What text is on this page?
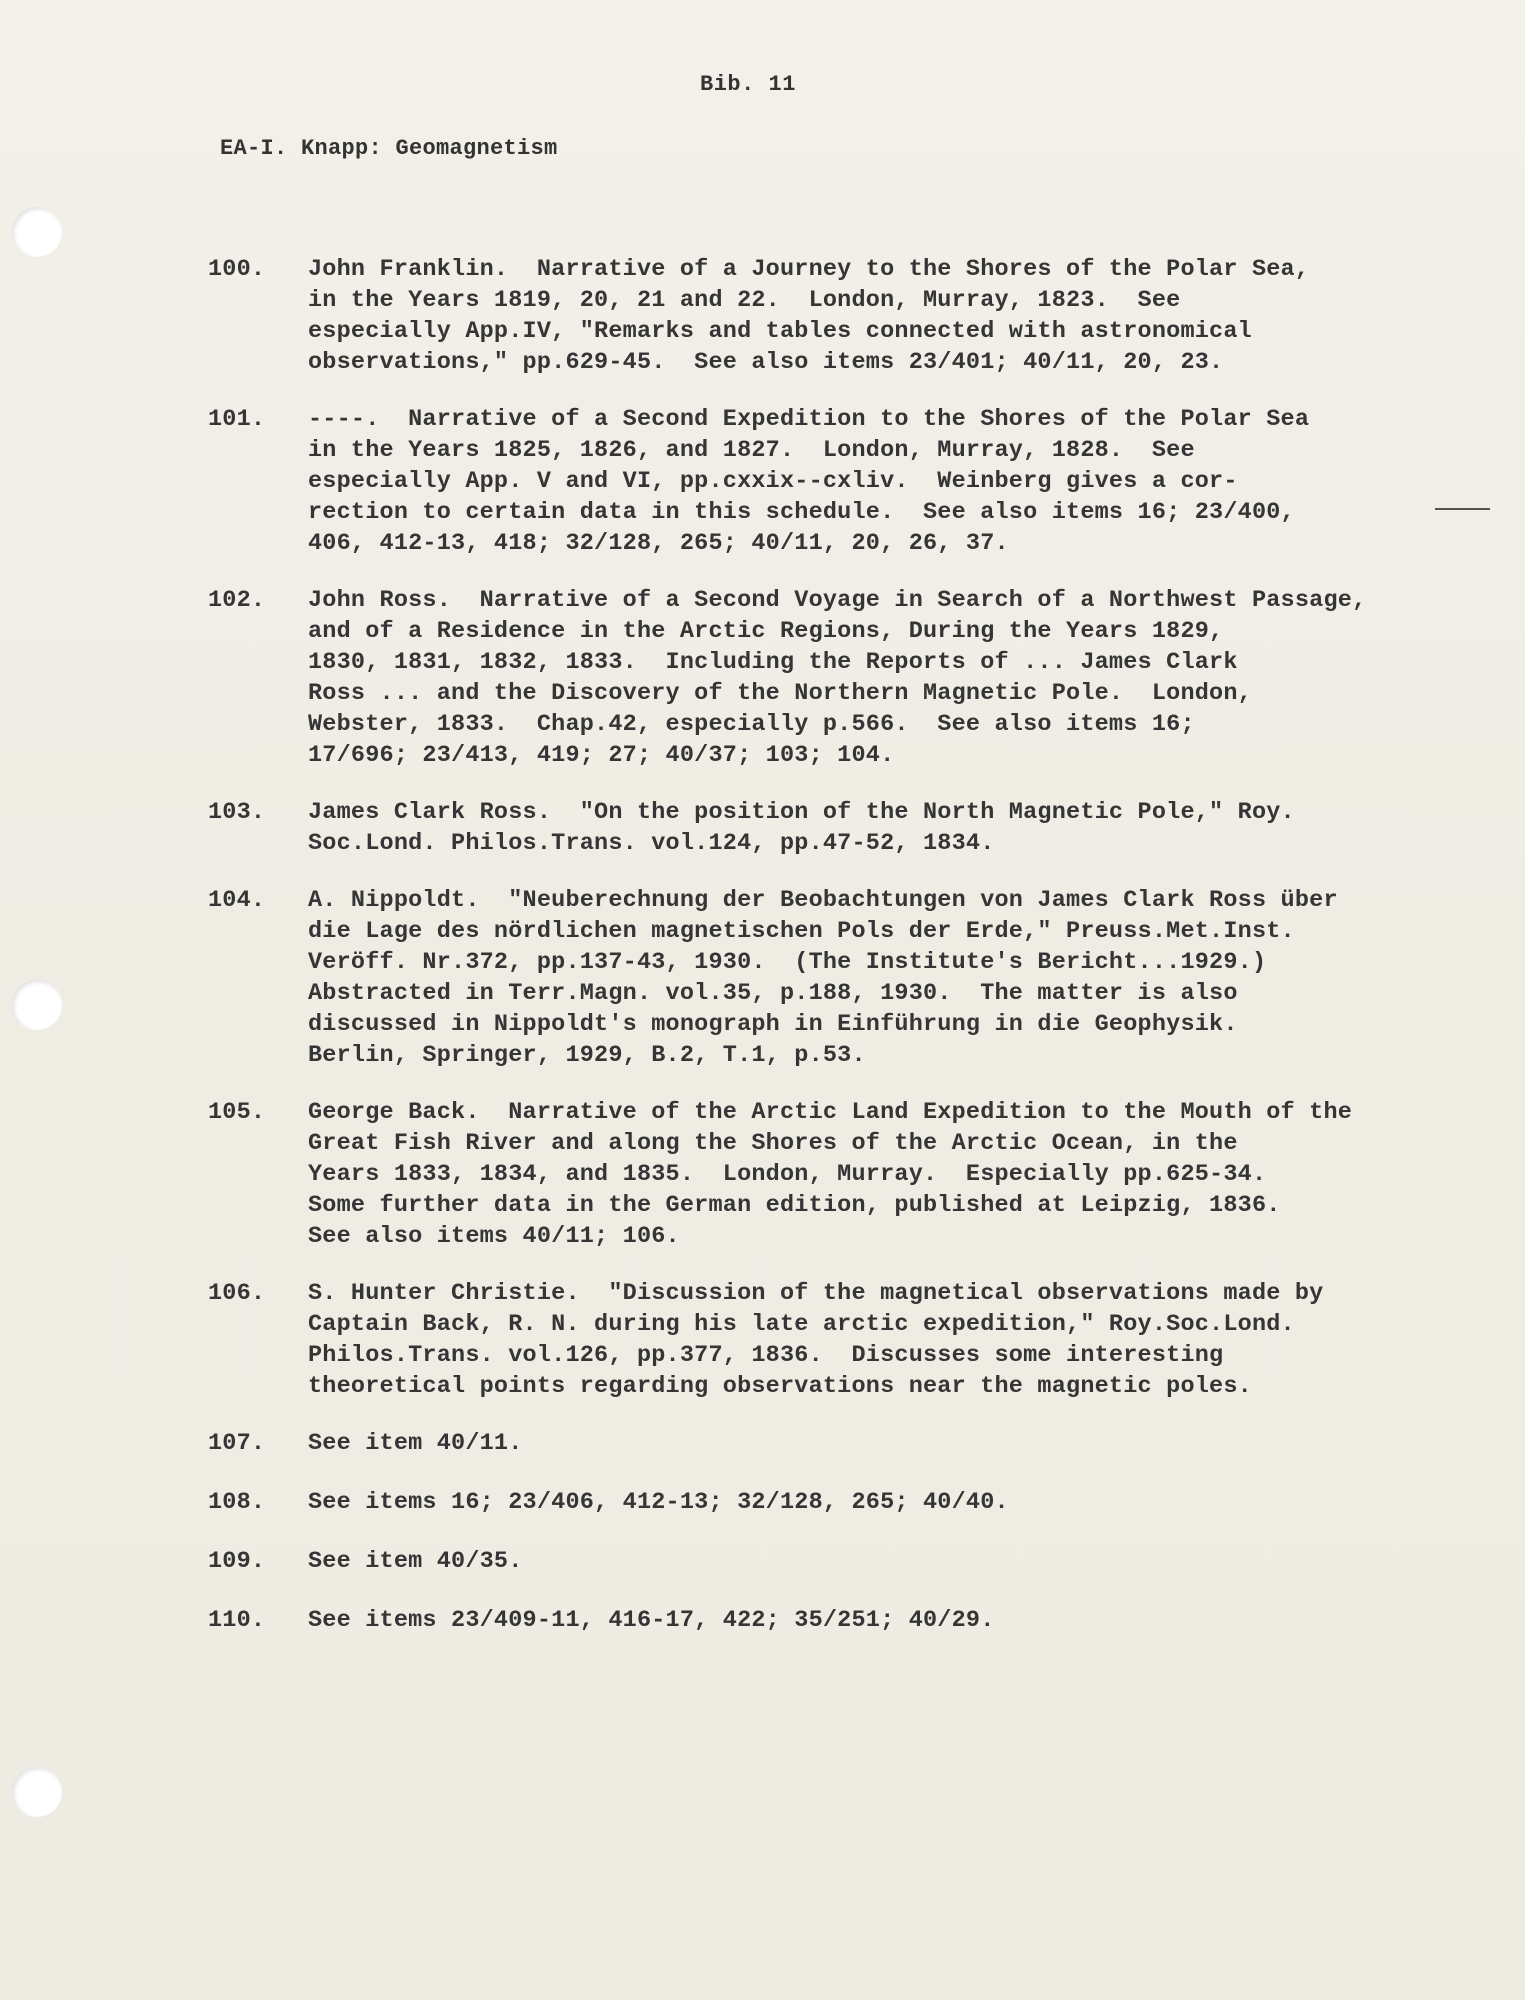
Bib. 11
EA-I. Knapp: Geomagnetism
100.	John Franklin.  Narrative of a Journey to the Shores of the Polar Sea,
in the Years 1819, 20, 21 and 22.  London, Murray, 1823.  See
especially App.IV, "Remarks and tables connected with astronomical
observations," pp.629-45.  See also items 23/401; 40/11, 20, 23.
101.	----.  Narrative of a Second Expedition to the Shores of the Polar Sea
in the Years 1825, 1826, and 1827.  London, Murray, 1828.  See
especially App. V and VI, pp.cxxix--cxliv.  Weinberg gives a cor-
rection to certain data in this schedule.  See also items 16; 23/400,
406, 412-13, 418; 32/128, 265; 40/11, 20, 26, 37.
102.	John Ross.  Narrative of a Second Voyage in Search of a Northwest Passage,
and of a Residence in the Arctic Regions, During the Years 1829,
1830, 1831, 1832, 1833.  Including the Reports of ... James Clark
Ross ... and the Discovery of the Northern Magnetic Pole.  London,
Webster, 1833.  Chap.42, especially p.566.  See also items 16;
17/696; 23/413, 419; 27; 40/37; 103; 104.
103.	James Clark Ross.  "On the position of the North Magnetic Pole," Roy.
Soc.Lond. Philos.Trans. vol.124, pp.47-52, 1834.
104.	A. Nippoldt.  "Neuberechnung der Beobachtungen von James Clark Ross über
die Lage des nördlichen magnetischen Pols der Erde," Preuss.Met.Inst.
Veröff. Nr.372, pp.137-43, 1930.  (The Institute's Bericht...1929.)
Abstracted in Terr.Magn. vol.35, p.188, 1930.  The matter is also
discussed in Nippoldt's monograph in Einführung in die Geophysik.
Berlin, Springer, 1929, B.2, T.1, p.53.
105.	George Back.  Narrative of the Arctic Land Expedition to the Mouth of the
Great Fish River and along the Shores of the Arctic Ocean, in the
Years 1833, 1834, and 1835.  London, Murray.  Especially pp.625-34.
Some further data in the German edition, published at Leipzig, 1836.
See also items 40/11; 106.
106.	S. Hunter Christie.  "Discussion of the magnetical observations made by
Captain Back, R. N. during his late arctic expedition," Roy.Soc.Lond.
Philos.Trans. vol.126, pp.377, 1836.  Discusses some interesting
theoretical points regarding observations near the magnetic poles.
107.	See item 40/11.
108.	See items 16; 23/406, 412-13; 32/128, 265; 40/40.
109.	See item 40/35.
110.	See items 23/409-11, 416-17, 422; 35/251; 40/29.
